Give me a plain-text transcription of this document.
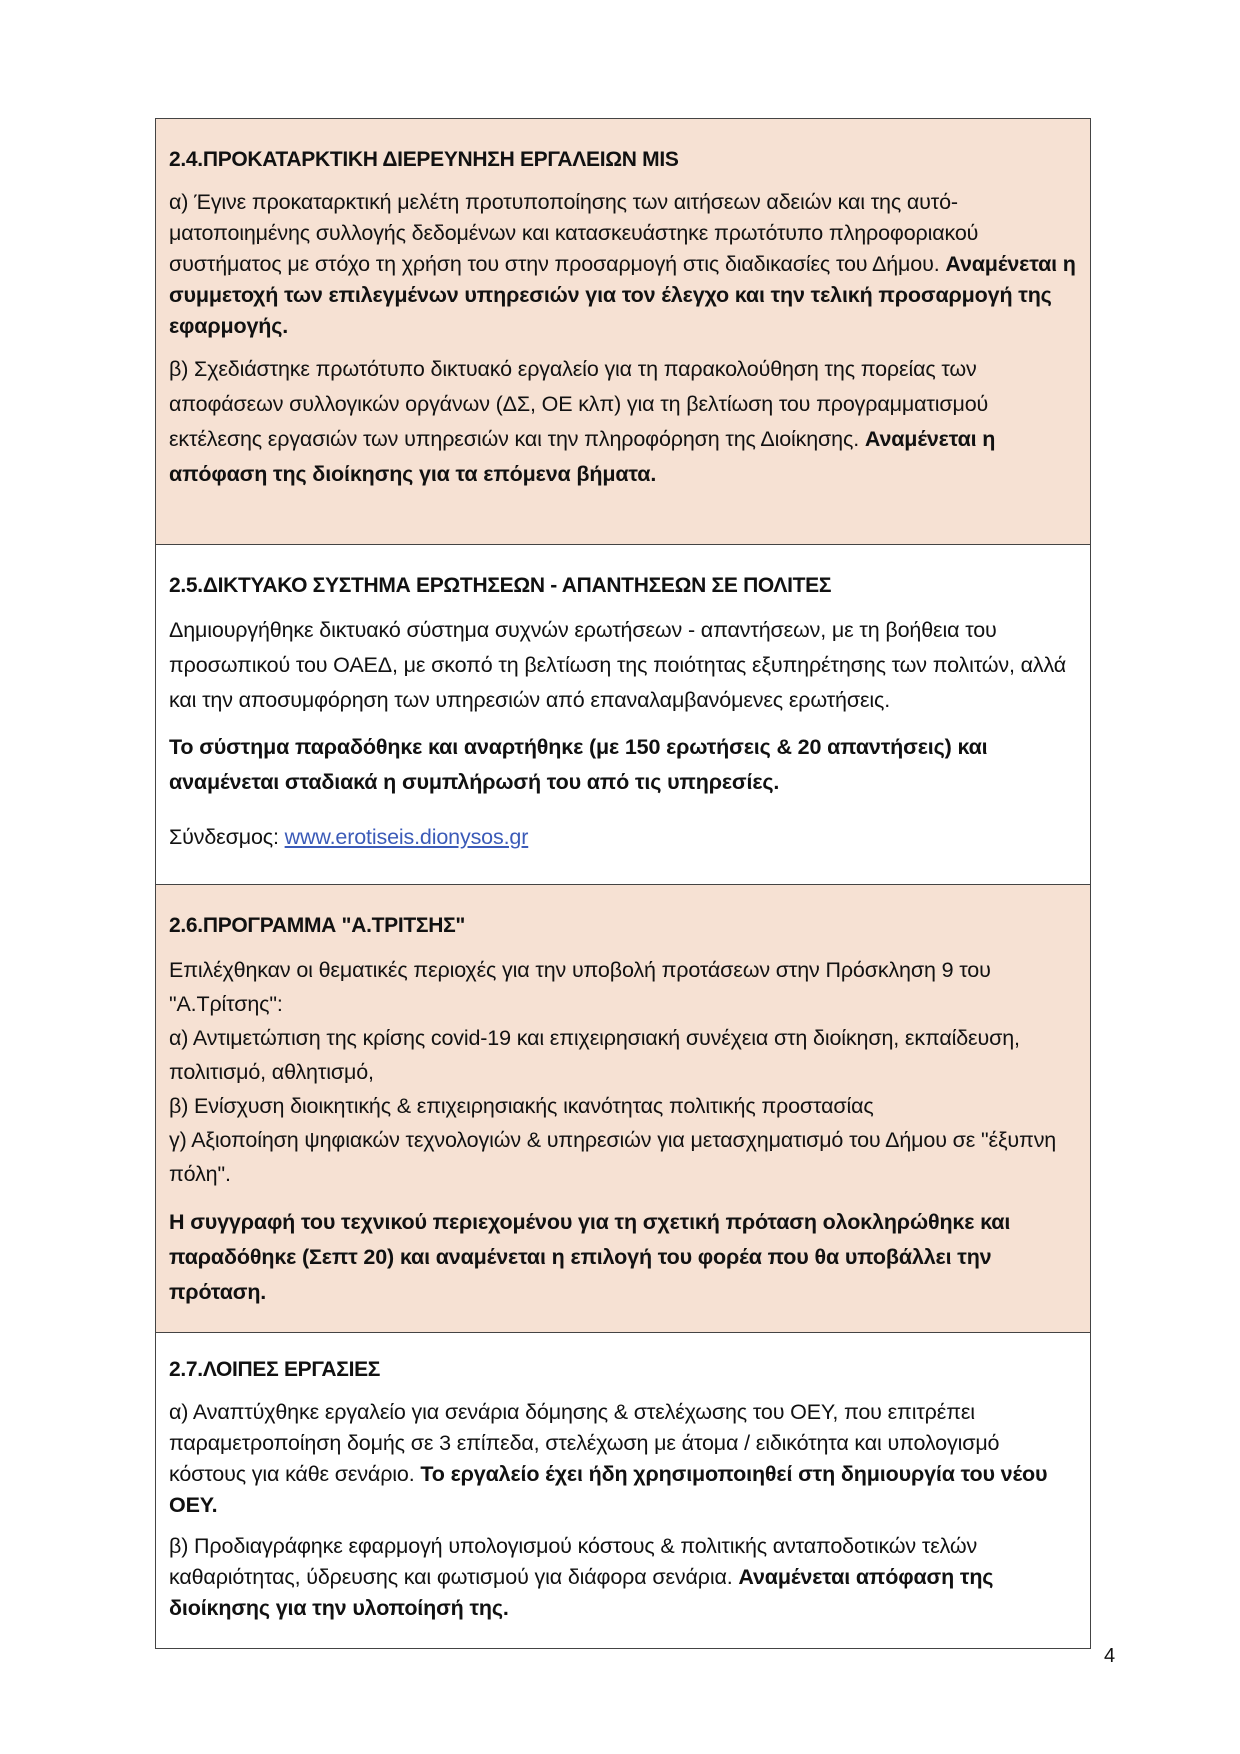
2.4.ΠΡΟΚΑΤΑΡΚΤΙΚΗ ΔΙΕΡΕΥΝΗΣΗ ΕΡΓΑΛΕΙΩΝ MIS

α) Έγινε προκαταρκτική μελέτη προτυποποίησης των αιτήσεων αδειών και της αυτό-ματοποιημένης συλλογής δεδομένων και κατασκευάστηκε πρωτότυπο πληροφοριακού συστήματος με στόχο τη χρήση του στην προσαρμογή στις διαδικασίες του Δήμου. Αναμένεται η συμμετοχή των επιλεγμένων υπηρεσιών για τον έλεγχο και την τελική προσαρμογή της εφαρμογής.

β) Σχεδιάστηκε πρωτότυπο δικτυακό εργαλείο για τη παρακολούθηση της πορείας των αποφάσεων συλλογικών οργάνων (ΔΣ, ΟΕ κλπ) για τη βελτίωση του προγραμματισμού εκτέλεσης εργασιών των υπηρεσιών και την πληροφόρηση της Διοίκησης. Αναμένεται η απόφαση της διοίκησης για τα επόμενα βήματα.

2.5.ΔΙΚΤΥΑΚΟ ΣΥΣΤΗΜΑ ΕΡΩΤΗΣΕΩΝ - ΑΠΑΝΤΗΣΕΩΝ ΣΕ ΠΟΛΙΤΕΣ

Δημιουργήθηκε δικτυακό σύστημα συχνών ερωτήσεων - απαντήσεων, με τη βοήθεια του προσωπικού του ΟΑΕΔ, με σκοπό τη βελτίωση της ποιότητας εξυπηρέτησης των πολιτών, αλλά και την αποσυμφόρηση των υπηρεσιών από επαναλαμβανόμενες ερωτήσεις.

Το σύστημα παραδόθηκε και αναρτήθηκε (με 150 ερωτήσεις & 20 απαντήσεις) και αναμένεται σταδιακά η συμπλήρωσή του από τις υπηρεσίες.

Σύνδεσμος: www.erotiseis.dionysos.gr

2.6.ΠΡΟΓΡΑΜΜΑ "Α.ΤΡΙΤΣΗΣ"

Επιλέχθηκαν οι θεματικές περιοχές για την υποβολή προτάσεων στην Πρόσκληση 9 του "Α.Τρίτσης":

α) Αντιμετώπιση της κρίσης covid-19 και επιχειρησιακή συνέχεια στη διοίκηση, εκπαίδευση, πολιτισμό, αθλητισμό,

β) Ενίσχυση διοικητικής & επιχειρησιακής ικανότητας πολιτικής προστασίας

γ) Αξιοποίηση ψηφιακών τεχνολογιών & υπηρεσιών για μετασχηματισμό του Δήμου σε "έξυπνη πόλη".

Η συγγραφή του τεχνικού περιεχομένου για τη σχετική πρόταση ολοκληρώθηκε και παραδόθηκε (Σεπτ 20) και αναμένεται η επιλογή του φορέα που θα υποβάλλει την πρόταση.

2.7.ΛΟΙΠΕΣ ΕΡΓΑΣΙΕΣ

α) Αναπτύχθηκε εργαλείο για σενάρια δόμησης & στελέχωσης του ΟΕΥ, που επιτρέπει παραμετροποίηση δομής σε 3 επίπεδα, στελέχωση με άτομα / ειδικότητα και υπολογισμό κόστους για κάθε σενάριο. Το εργαλείο έχει ήδη χρησιμοποιηθεί στη δημιουργία του νέου ΟΕΥ.

β) Προδιαγράφηκε εφαρμογή υπολογισμού κόστους & πολιτικής ανταποδοτικών τελών καθαριότητας, ύδρευσης και φωτισμού για διάφορα σενάρια. Αναμένεται απόφαση της διοίκησης για την υλοποίησή της.

4
